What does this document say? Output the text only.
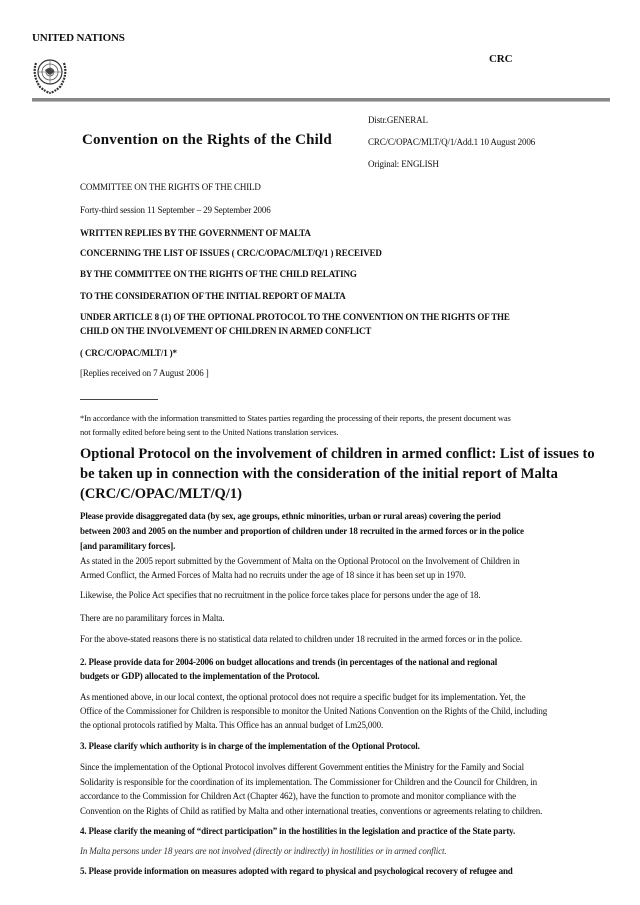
UNITED NATIONS
CRC
Distr.GENERAL
Convention on the Rights of the Child	CRC/C/OPAC/MLT/Q/1/Add.1 10 August 2006
Original: ENGLISH
COMMITTEE ON THE RIGHTS OF THE CHILD
Forty-third session 11 September – 29 September 2006
WRITTEN REPLIES BY THE GOVERNMENT OF MALTA
CONCERNING THE LIST OF ISSUES ( CRC/C/OPAC/MLT/Q/1 ) RECEIVED
BY THE COMMITTEE ON THE RIGHTS OF THE CHILD RELATING
TO THE CONSIDERATION OF THE INITIAL REPORT OF MALTA
UNDER ARTICLE 8 (1) OF THE OPTIONAL PROTOCOL TO THE CONVENTION ON THE RIGHTS OF THE
CHILD ON THE INVOLVEMENT OF CHILDREN IN ARMED CONFLICT
( CRC/C/OPAC/MLT/1 )*
[Replies received on 7 August 2006 ]
*In accordance with the information transmitted to States parties regarding the processing of their reports, the present document was
not formally edited before being sent to the United Nations translation services.
Optional Protocol on the involvement of children in armed conflict: List of issues to
be taken up in connection with the consideration of the initial report of Malta
(CRC/C/OPAC/MLT/Q/1)
Please provide disaggregated data (by sex, age groups, ethnic minorities, urban or rural areas) covering the period
between 2003 and 2005 on the number and proportion of children under 18 recruited in the armed forces or in the police
[and paramilitary forces].
As stated in the 2005 report submitted by the Government of Malta on the Optional Protocol on the Involvement of Children in
Armed Conflict, the Armed Forces of Malta had no recruits under the age of 18 since it has been set up in 1970.
Likewise, the Police Act specifies that no recruitment in the police force takes place for persons under the age of 18.
There are no paramilitary forces in Malta.
For the above-stated reasons there is no statistical data related to children under 18 recruited in the armed forces or in the police.
2. Please provide data for 2004-2006 on budget allocations and trends (in percentages of the national and regional
budgets or GDP) allocated to the implementation of the Protocol.
As mentioned above, in our local context, the optional protocol does not require a specific budget for its implementation. Yet, the
Office of the Commissioner for Children is responsible to monitor the United Nations Convention on the Rights of the Child, including
the optional protocols ratified by Malta. This Office has an annual budget of Lm25,000.
3. Please clarify which authority is in charge of the implementation of the Optional Protocol.
Since the implementation of the Optional Protocol involves different Government entities the Ministry for the Family and Social
Solidarity is responsible for the coordination of its implementation. The Commissioner for Children and the Council for Children, in
accordance to the Commission for Children Act (Chapter 462), have the function to promote and monitor compliance with the
Convention on the Rights of Child as ratified by Malta and other international treaties, conventions or agreements relating to children.
4. Please clarify the meaning of “direct participation” in the hostilities in the legislation and practice of the State party.
In Malta persons under 18 years are not involved (directly or indirectly) in hostilities or in armed conflict.
5. Please provide information on measures adopted with regard to physical and psychological recovery of refugee and
